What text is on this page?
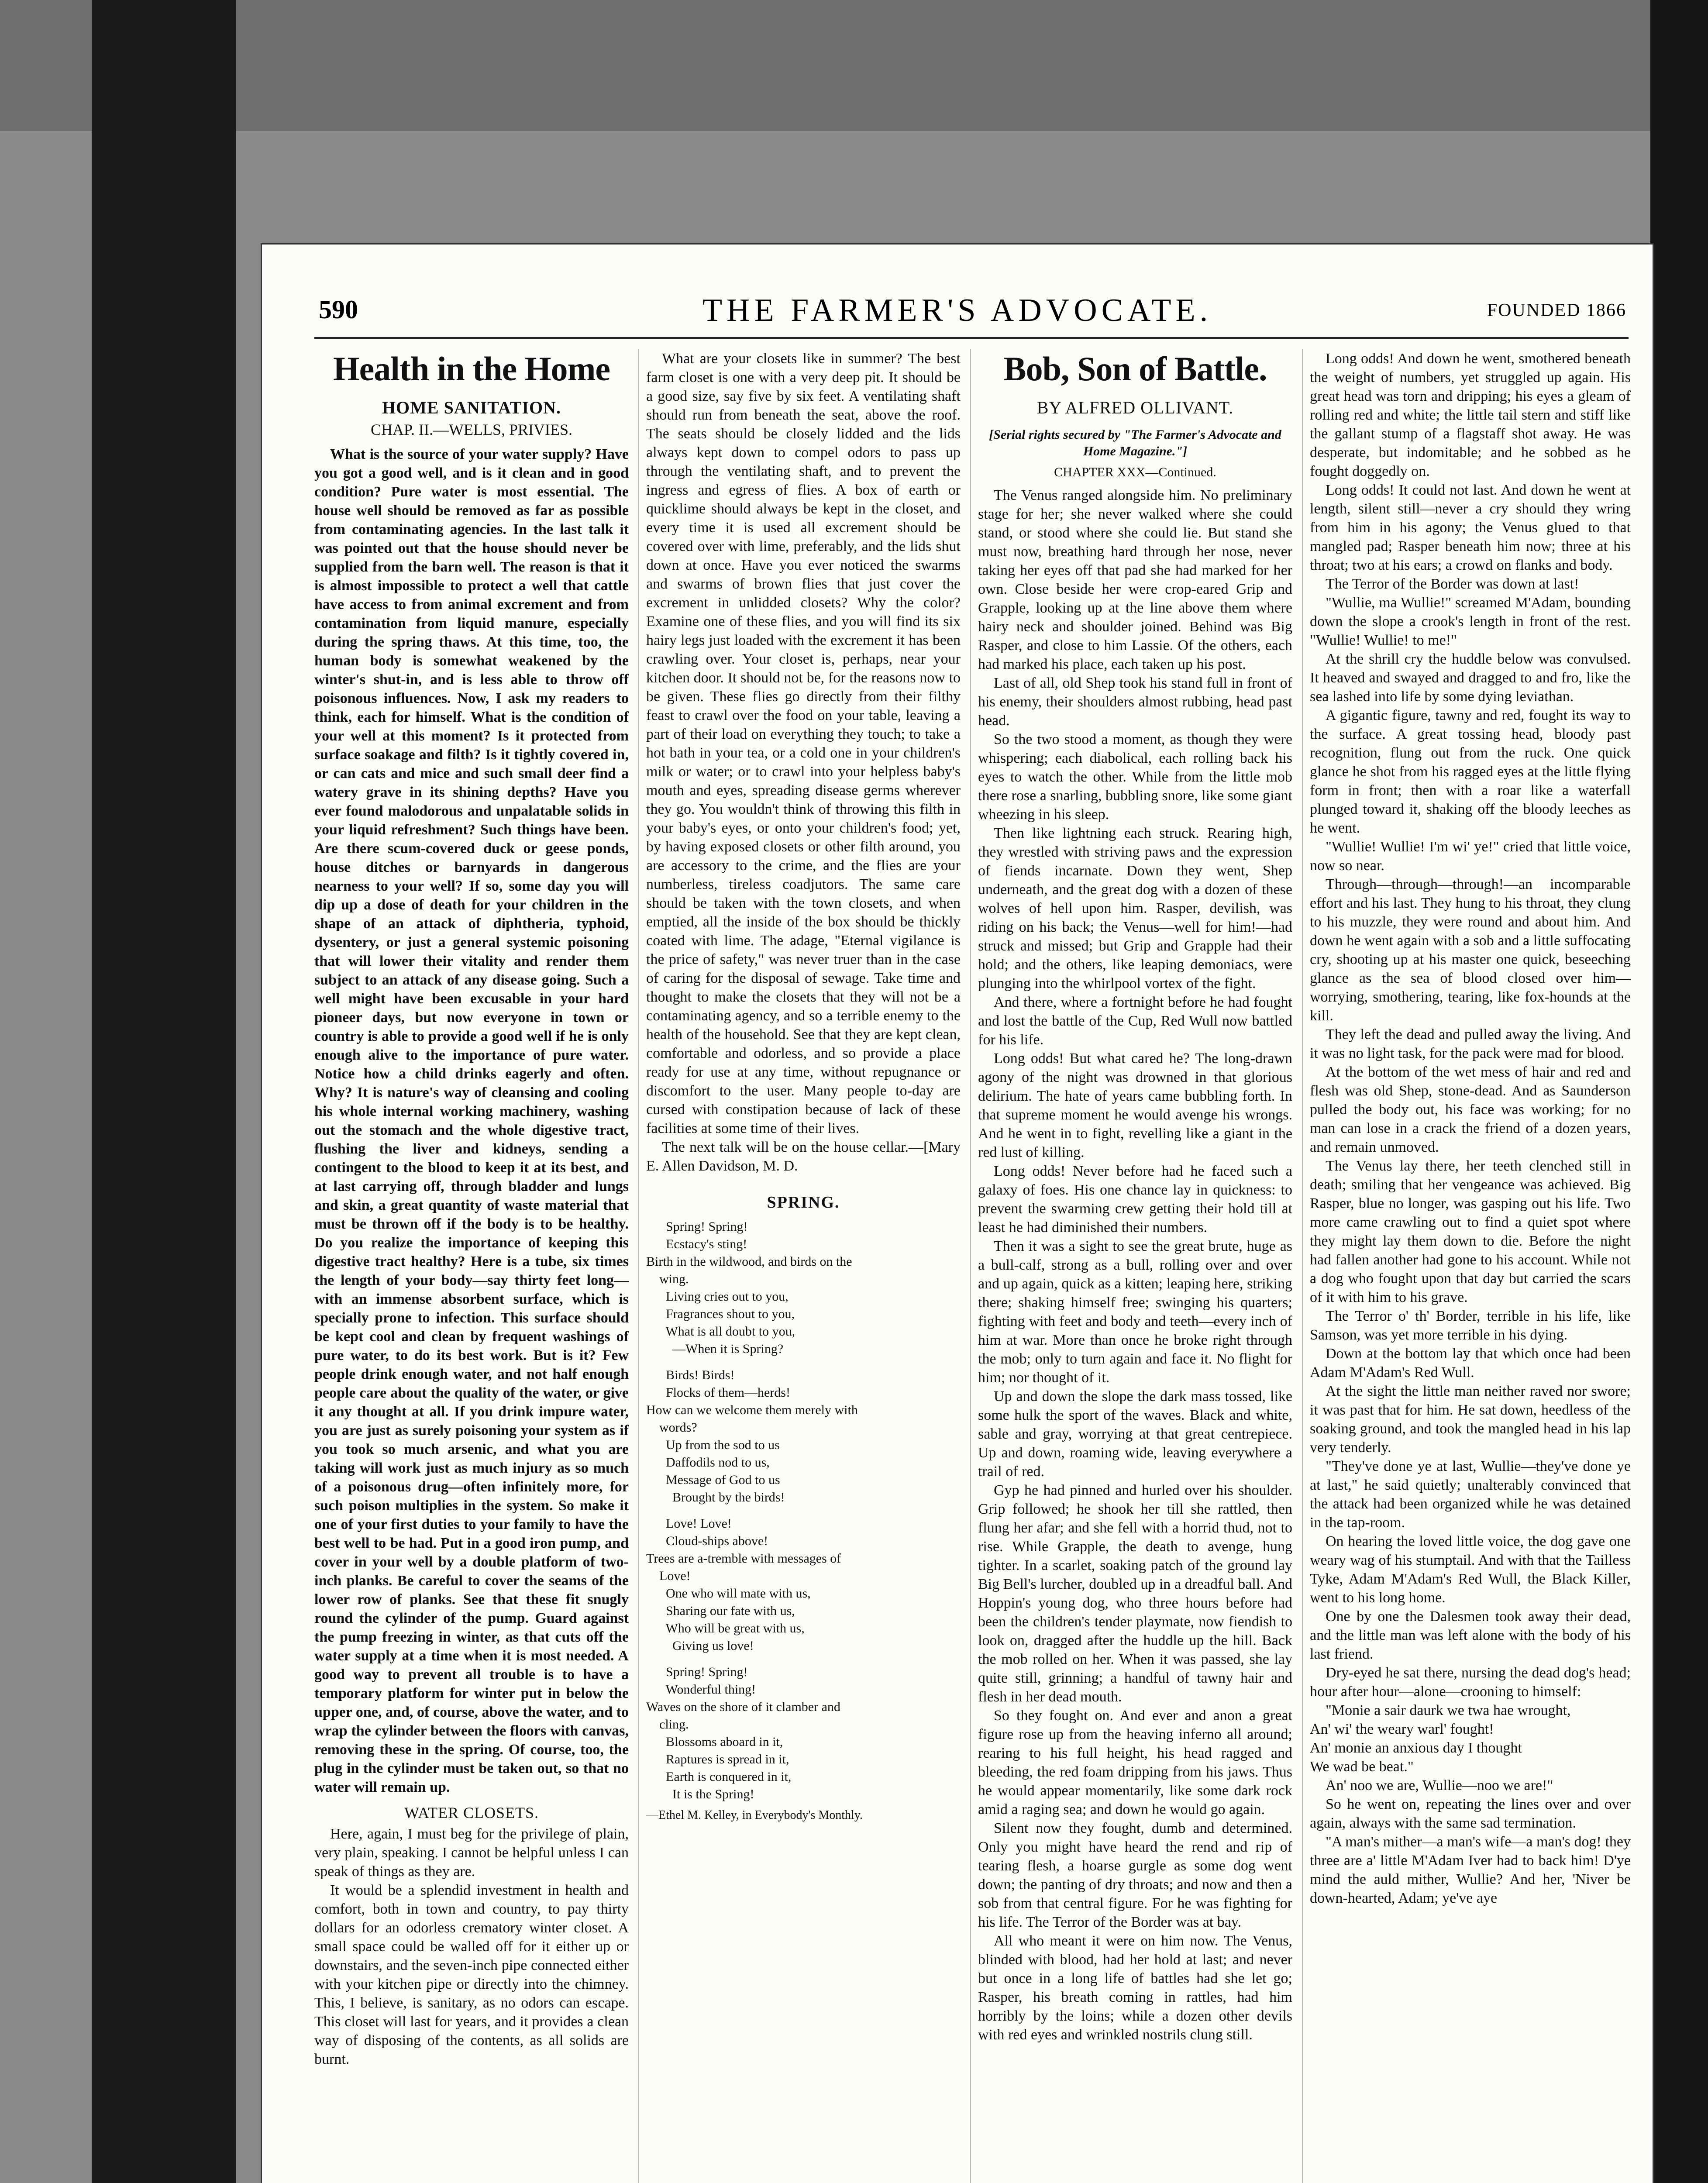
590	THE FARMER'S ADVOCATE.	FOUNDED 1866
Health in the Home
HOME SANITATION.
CHAP. II.—WELLS, PRIVIES.

What is the source of your water supply? Have you got a good well, and is it clean and in good condition? Pure water is most essential. The house well should be removed as far as possible from contaminating agencies. In the last talk it was pointed out that the house should never be supplied from the barn well. The reason is that it is almost impossible to protect a well that cattle have access to from animal excrement and from contamination from liquid manure, especially during the spring thaws. At this time, too, the human body is somewhat weakened by the winter's shut-in, and is less able to throw off poisonous influences. Now, I ask my readers to think, each for himself. What is the condition of your well at this moment? Is it protected from surface soakage and filth? Is it tightly covered in, or can cats and mice and such small deer find a watery grave in its shining depths? Have you ever found malodorous and unpalatable solids in your liquid refreshment? Such things have been. Are there scum-covered duck or geese ponds, house ditches or barnyards in dangerous nearness to your well? If so, some day you will dip up a dose of death for your children in the shape of an attack of diphtheria, typhoid, dysentery, or just a general systemic poisoning that will lower their vitality and render them subject to an attack of any disease going. Such a well might have been excusable in your hard pioneer days, but now everyone in town or country is able to provide a good well if he is only enough alive to the importance of pure water. Notice how a child drinks eagerly and often. Why? It is nature's way of cleansing and cooling his whole internal working machinery, washing out the stomach and the whole digestive tract, flushing the liver and kidneys, sending a contingent to the blood to keep it at its best, and at last carrying off, through bladder and lungs and skin, a great quantity of waste material that must be thrown off if the body is to be healthy. Do you realize the importance of keeping this digestive tract healthy? Here is a tube, six times the length of your body—say thirty feet long—with an immense absorbent surface, which is specially prone to infection. This surface should be kept cool and clean by frequent washings of pure water, to do its best work. But is it? Few people drink enough water, and not half enough people care about the quality of the water, or give it any thought at all. If you drink impure water, you are just as surely poisoning your system as if you took so much arsenic, and what you are taking will work just as much injury as so much of a poisonous drug—often infinitely more, for such poison multiplies in the system. So make it one of your first duties to your family to have the best well to be had. Put in a good iron pump, and cover in your well by a double platform of two-inch planks. Be careful to cover the seams of the lower row of planks. See that these fit snugly round the cylinder of the pump. Guard against the pump freezing in winter, as that cuts off the water supply at a time when it is most needed. A good way to prevent all trouble is to have a temporary platform for winter put in below the upper one, and, of course, above the water, and to wrap the cylinder between the floors with canvas, removing these in the spring. Of course, too, the plug in the cylinder must be taken out, so that no water will remain up.

WATER CLOSETS.

Here, again, I must beg for the privilege of plain, very plain, speaking. I cannot be helpful unless I can speak of things as they are.

It would be a splendid investment in health and comfort, both in town and country, to pay thirty dollars for an odorless crematory winter closet. A small space could be walled off for it either up or downstairs, and the seven-inch pipe connected either with your kitchen pipe or directly into the chimney. This, I believe, is sanitary, as no odors can escape. This closet will last for years, and it provides a clean way of disposing of the contents, as all solids are burnt.

What are your closets like in summer? The best farm closet is one with a very deep pit. It should be a good size, say five by six feet. A ventilating shaft should run from beneath the seat, above the roof. The seats should be closely lidded and the lids always kept down to compel odors to pass up through the ventilating shaft, and to prevent the ingress and egress of flies. A box of earth or quicklime should always be kept in the closet, and every time it is used all excrement should be covered over with lime, preferably, and the lids shut down at once. Have you ever noticed the swarms and swarms of brown flies that just cover the excrement in unlidded closets? Why the color? Examine one of these flies, and you will find its six hairy legs just loaded with the excrement it has been crawling over. Your closet is, perhaps, near your kitchen door. It should not be, for the reasons now to be given. These flies go directly from their filthy feast to crawl over the food on your table, leaving a part of their load on everything they touch; to take a hot bath in your tea, or a cold one in your children's milk or water; or to crawl into your helpless baby's mouth and eyes, spreading disease germs wherever they go. You wouldn't think of throwing this filth in your baby's eyes, or onto your children's food; yet, by having exposed closets or other filth around, you are accessory to the crime, and the flies are your numberless, tireless coadjutors. The same care should be taken with the town closets, and when emptied, all the inside of the box should be thickly coated with lime. The adage, "Eternal vigilance is the price of safety," was never truer than in the case of caring for the disposal of sewage. Take time and thought to make the closets that they will not be a contaminating agency, and so a terrible enemy to the health of the household. See that they are kept clean, comfortable and odorless, and so provide a place ready for use at any time, without repugnance or discomfort to the user. Many people to-day are cursed with constipation because of lack of these facilities at some time of their lives.

The next talk will be on the house cellar.—[Mary E. Allen Davidson, M. D.

SPRING.
Spring! Spring!
Ecstacy's sting!
Birth in the wildwood, and birds on the
wing.
Living cries out to you,
Fragrances shout to you,
What is all doubt to you,
—When it is Spring?
Birds! Birds!
Flocks of them—herds!
How can we welcome them merely with
words?
Up from the sod to us
Daffodils nod to us,
Message of God to us
Brought by the birds!
Love! Love!
Cloud-ships above!
Trees are a-tremble with messages of
Love!
One who will mate with us,
Sharing our fate with us,
Who will be great with us,
Giving us love!
Spring! Spring!
Wonderful thing!
Waves on the shore of it clamber and
cling.
Blossoms aboard in it,
Raptures is spread in it,
Earth is conquered in it,
It is the Spring!
—Ethel M. Kelley, in Everybody's Monthly.
Bob, Son of Battle.
BY ALFRED OLLIVANT.
[Serial rights secured by "The Farmer's Advocate and Home Magazine."]
CHAPTER XXX—Continued.

The Venus ranged alongside him. No preliminary stage for her; she never walked where she could stand, or stood where she could lie. But stand she must now, breathing hard through her nose, never taking her eyes off that pad she had marked for her own. Close beside her were crop-eared Grip and Grapple, looking up at the line above them where hairy neck and shoulder joined. Behind was Big Rasper, and close to him Lassie. Of the others, each had marked his place, each taken up his post.

Last of all, old Shep took his stand full in front of his enemy, their shoulders almost rubbing, head past head.

So the two stood a moment, as though they were whispering; each diabolical, each rolling back his eyes to watch the other. While from the little mob there rose a snarling, bubbling snore, like some giant wheezing in his sleep.

Then like lightning each struck. Rearing high, they wrestled with striving paws and the expression of fiends incarnate. Down they went, Shep underneath, and the great dog with a dozen of these wolves of hell upon him. Rasper, devilish, was riding on his back; the Venus—well for him!—had struck and missed; but Grip and Grapple had their hold; and the others, like leaping demoniacs, were plunging into the whirlpool vortex of the fight.

And there, where a fortnight before he had fought and lost the battle of the Cup, Red Wull now battled for his life.

Long odds! But what cared he? The long-drawn agony of the night was drowned in that glorious delirium. The hate of years came bubbling forth. In that supreme moment he would avenge his wrongs. And he went in to fight, revelling like a giant in the red lust of killing.

Long odds! Never before had he faced such a galaxy of foes. His one chance lay in quickness: to prevent the swarming crew getting their hold till at least he had diminished their numbers.

Then it was a sight to see the great brute, huge as a bull-calf, strong as a bull, rolling over and over and up again, quick as a kitten; leaping here, striking there; shaking himself free; swinging his quarters; fighting with feet and body and teeth—every inch of him at war. More than once he broke right through the mob; only to turn again and face it. No flight for him; nor thought of it.

Up and down the slope the dark mass tossed, like some hulk the sport of the waves. Black and white, sable and gray, worrying at that great centrepiece. Up and down, roaming wide, leaving everywhere a trail of red.

Gyp he had pinned and hurled over his shoulder. Grip followed; he shook her till she rattled, then flung her afar; and she fell with a horrid thud, not to rise. While Grapple, the death to avenge, hung tighter. In a scarlet, soaking patch of the ground lay Big Bell's lurcher, doubled up in a dreadful ball. And Hoppin's young dog, who three hours before had been the children's tender playmate, now fiendish to look on, dragged after the huddle up the hill. Back the mob rolled on her. When it was passed, she lay quite still, grinning; a handful of tawny hair and flesh in her dead mouth.

So they fought on. And ever and anon a great figure rose up from the heaving inferno all around; rearing to his full height, his head ragged and bleeding, the red foam dripping from his jaws. Thus he would appear momentarily, like some dark rock amid a raging sea; and down he would go again.

Silent now they fought, dumb and determined. Only you might have heard the rend and rip of tearing flesh, a hoarse gurgle as some dog went down; the panting of dry throats; and now and then a sob from that central figure. For he was fighting for his life. The Terror of the Border was at bay.

All who meant it were on him now. The Venus, blinded with blood, had her hold at last; and never but once in a long life of battles had she let go; Rasper, his breath coming in rattles, had him horribly by the loins; while a dozen other devils with red eyes and wrinkled nostrils clung still.

Long odds! And down he went, smothered beneath the weight of numbers, yet struggled up again. His great head was torn and dripping; his eyes a gleam of rolling red and white; the little tail stern and stiff like the gallant stump of a flagstaff shot away. He was desperate, but indomitable; and he sobbed as he fought doggedly on.

Long odds! It could not last. And down he went at length, silent still—never a cry should they wring from him in his agony; the Venus glued to that mangled pad; Rasper beneath him now; three at his throat; two at his ears; a crowd on flanks and body.

The Terror of the Border was down at last!

"Wullie, ma Wullie!" screamed M'Adam, bounding down the slope a crook's length in front of the rest. "Wullie! Wullie! to me!"

At the shrill cry the huddle below was convulsed. It heaved and swayed and dragged to and fro, like the sea lashed into life by some dying leviathan.

A gigantic figure, tawny and red, fought its way to the surface. A great tossing head, bloody past recognition, flung out from the ruck. One quick glance he shot from his ragged eyes at the little flying form in front; then with a roar like a waterfall plunged toward it, shaking off the bloody leeches as he went.

"Wullie! Wullie! I'm wi' ye!" cried that little voice, now so near.

Through—through—through!—an incomparable effort and his last. They hung to his throat, they clung to his muzzle, they were round and about him. And down he went again with a sob and a little suffocating cry, shooting up at his master one quick, beseeching glance as the sea of blood closed over him—worrying, smothering, tearing, like fox-hounds at the kill.

They left the dead and pulled away the living. And it was no light task, for the pack were mad for blood.

At the bottom of the wet mess of hair and red and flesh was old Shep, stone-dead. And as Saunderson pulled the body out, his face was working; for no man can lose in a crack the friend of a dozen years, and remain unmoved.

The Venus lay there, her teeth clenched still in death; smiling that her vengeance was achieved. Big Rasper, blue no longer, was gasping out his life. Two more came crawling out to find a quiet spot where they might lay them down to die. Before the night had fallen another had gone to his account. While not a dog who fought upon that day but carried the scars of it with him to his grave.

The Terror o' th' Border, terrible in his life, like Samson, was yet more terrible in his dying.

Down at the bottom lay that which once had been Adam M'Adam's Red Wull.

At the sight the little man neither raved nor swore; it was past that for him. He sat down, heedless of the soaking ground, and took the mangled head in his lap very tenderly.

"They've done ye at last, Wullie—they've done ye at last," he said quietly; unalterably convinced that the attack had been organized while he was detained in the tap-room.

On hearing the loved little voice, the dog gave one weary wag of his stumptail. And with that the Tailless Tyke, Adam M'Adam's Red Wull, the Black Killer, went to his long home.

One by one the Dalesmen took away their dead, and the little man was left alone with the body of his last friend.

Dry-eyed he sat there, nursing the dead dog's head; hour after hour—alone—crooning to himself:

"Monie a sair daurk we twa hae wrought,
An' wi' the weary warl' fought!
An' monie an anxious day I thought
We wad be beat."

An' noo we are, Wullie—noo we are!"

So he went on, repeating the lines over and over again, always with the same sad termination.

"A man's mither—a man's wife—a man's dog! they three are a' little M'Adam Iver had to back him! D'ye mind the auld mither, Wullie? And her, 'Niver be down-hearted, Adam; ye've aye
